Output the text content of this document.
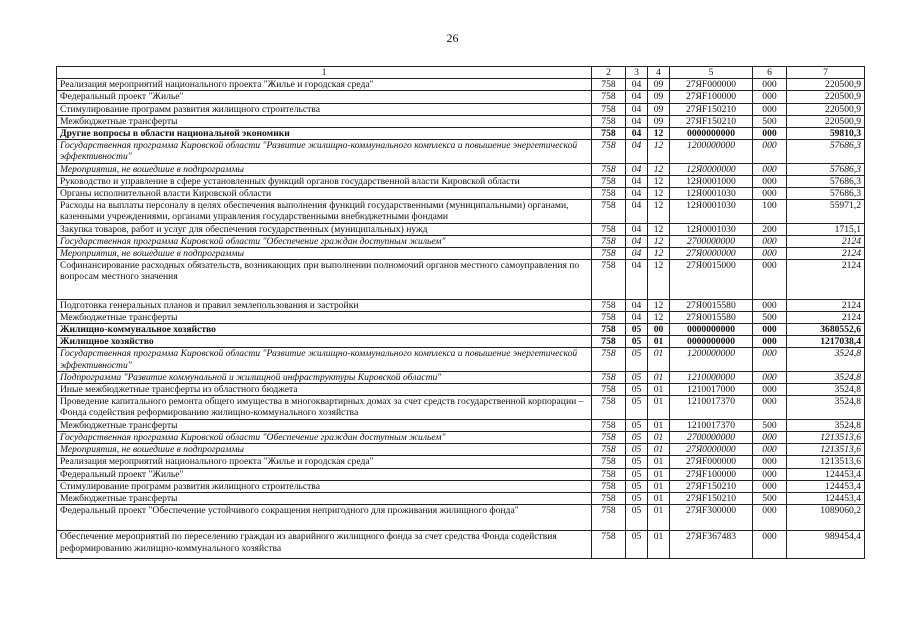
26
1	2	3	4	5	6	7
Реализация мероприятий национального проекта "Жилье и городская среда"	758	04	09	27ЯF000000	000	220500,9
Федеральный проект "Жилье"	758	04	09	27ЯF100000	000	220500,9
Стимулирование программ развития жилищного строительства	758	04	09	27ЯF150210	000	220500,9
Межбюджетные трансферты	758	04	09	27ЯF150210	500	220500,9
Другие вопросы в области национальной экономики	758	04	12	0000000000	000	59810,3
Государственная программа Кировской области "Развитие жилищно-коммунального комплекса и повышение энергетической эффективности"	758	04	12	1200000000	000	57686,3
Мероприятия, не вошедшие в подпрограммы	758	04	12	12Я0000000	000	57686,3
Руководство и управление в сфере установленных функций органов государственной власти Кировской области	758	04	12	12Я0001000	000	57686,3
Органы исполнительной власти Кировской области	758	04	12	12Я0001030	000	57686,3
Расходы на выплаты персоналу в целях обеспечения выполнения функций государственными (муниципальными) органами, казенными учреждениями, органами управления государственными внебюджетными фондами	758	04	12	12Я0001030	100	55971,2
Закупка товаров, работ и услуг для обеспечения государственных (муниципальных) нужд	758	04	12	12Я0001030	200	1715,1
Государственная программа Кировской области "Обеспечение граждан доступным жильем"	758	04	12	2700000000	000	2124
Мероприятия, не вошедшие в подпрограммы	758	04	12	27Я0000000	000	2124
Софинансирование расходных обязательств, возникающих при выполнении полномочий органов местного самоуправления по вопросам местного значения	758	04	12	27Я0015000	000	2124
Подготовка генеральных планов и правил землепользования и застройки	758	04	12	27Я0015580	000	2124
Межбюджетные трансферты	758	04	12	27Я0015580	500	2124
Жилищно-коммунальное хозяйство	758	05	00	0000000000	000	3680552,6
Жилищное хозяйство	758	05	01	0000000000	000	1217038,4
Государственная программа Кировской области "Развитие жилищно-коммунального комплекса и повышение энергетической эффективности"	758	05	01	1200000000	000	3524,8
Подпрограмма "Развитие коммунальной и жилищной инфраструктуры Кировской области"	758	05	01	1210000000	000	3524,8
Иные межбюджетные трансферты из областного бюджета	758	05	01	1210017000	000	3524,8
Проведение капитального ремонта общего имущества в многоквартирных домах за счет средств государственной корпорации – Фонда содействия реформированию жилищно-коммунального хозяйства	758	05	01	1210017370	000	3524,8
Межбюджетные трансферты	758	05	01	1210017370	500	3524,8
Государственная программа Кировской области "Обеспечение граждан доступным жильем"	758	05	01	2700000000	000	1213513,6
Мероприятия, не вошедшие в подпрограммы	758	05	01	27Я0000000	000	1213513,6
Реализация мероприятий национального проекта "Жилье и городская среда"	758	05	01	27ЯF000000	000	1213513,6
Федеральный проект "Жилье"	758	05	01	27ЯF100000	000	124453,4
Стимулирование программ развития жилищного строительства	758	05	01	27ЯF150210	000	124453,4
Межбюджетные трансферты	758	05	01	27ЯF150210	500	124453,4
Федеральный проект "Обеспечение устойчивого сокращения непригодного для проживания жилищного фонда"	758	05	01	27ЯF300000	000	1089060,2
Обеспечение мероприятий по переселению граждан из аварийного жилищного фонда за счет средства Фонда содействия реформированию жилищно-коммунального хозяйства	758	05	01	27ЯF367483	000	989454,4
